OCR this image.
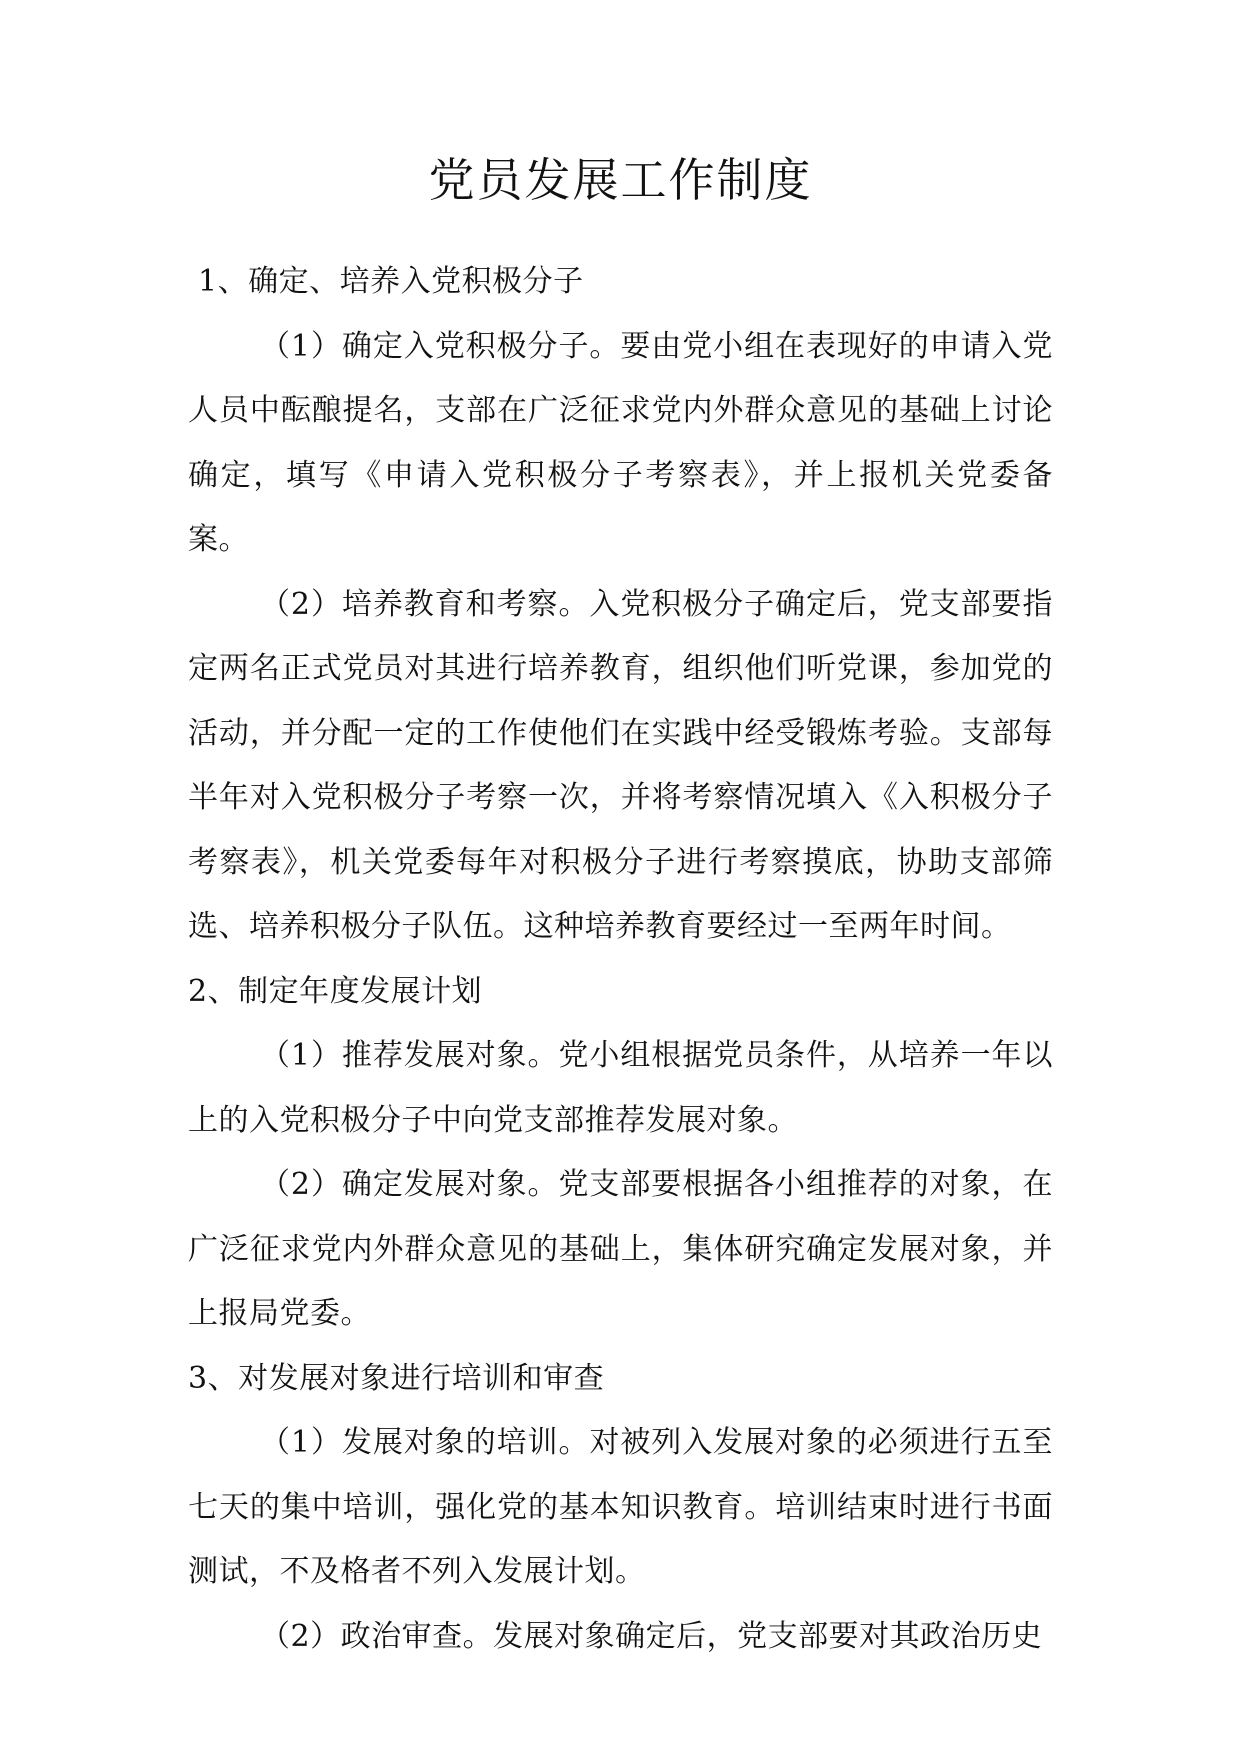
党员发展工作制度

1、确定、培养入党积极分子

（1）确定入党积极分子。要由党小组在表现好的申请入党人员中酝酿提名，支部在广泛征求党内外群众意见的基础上讨论确定，填写《申请入党积极分子考察表》，并上报机关党委备案。

（2）培养教育和考察。入党积极分子确定后，党支部要指定两名正式党员对其进行培养教育，组织他们听党课，参加党的活动，并分配一定的工作使他们在实践中经受锻炼考验。支部每半年对入党积极分子考察一次，并将考察情况填入《入积极分子考察表》，机关党委每年对积极分子进行考察摸底，协助支部筛选、培养积极分子队伍。这种培养教育要经过一至两年时间。

2、制定年度发展计划

（1）推荐发展对象。党小组根据党员条件，从培养一年以上的入党积极分子中向党支部推荐发展对象。

（2）确定发展对象。党支部要根据各小组推荐的对象，在广泛征求党内外群众意见的基础上，集体研究确定发展对象，并上报局党委。

3、对发展对象进行培训和审查

（1）发展对象的培训。对被列入发展对象的必须进行五至七天的集中培训，强化党的基本知识教育。培训结束时进行书面测试，不及格者不列入发展计划。

（2）政治审查。发展对象确定后，党支部要对其政治历史
